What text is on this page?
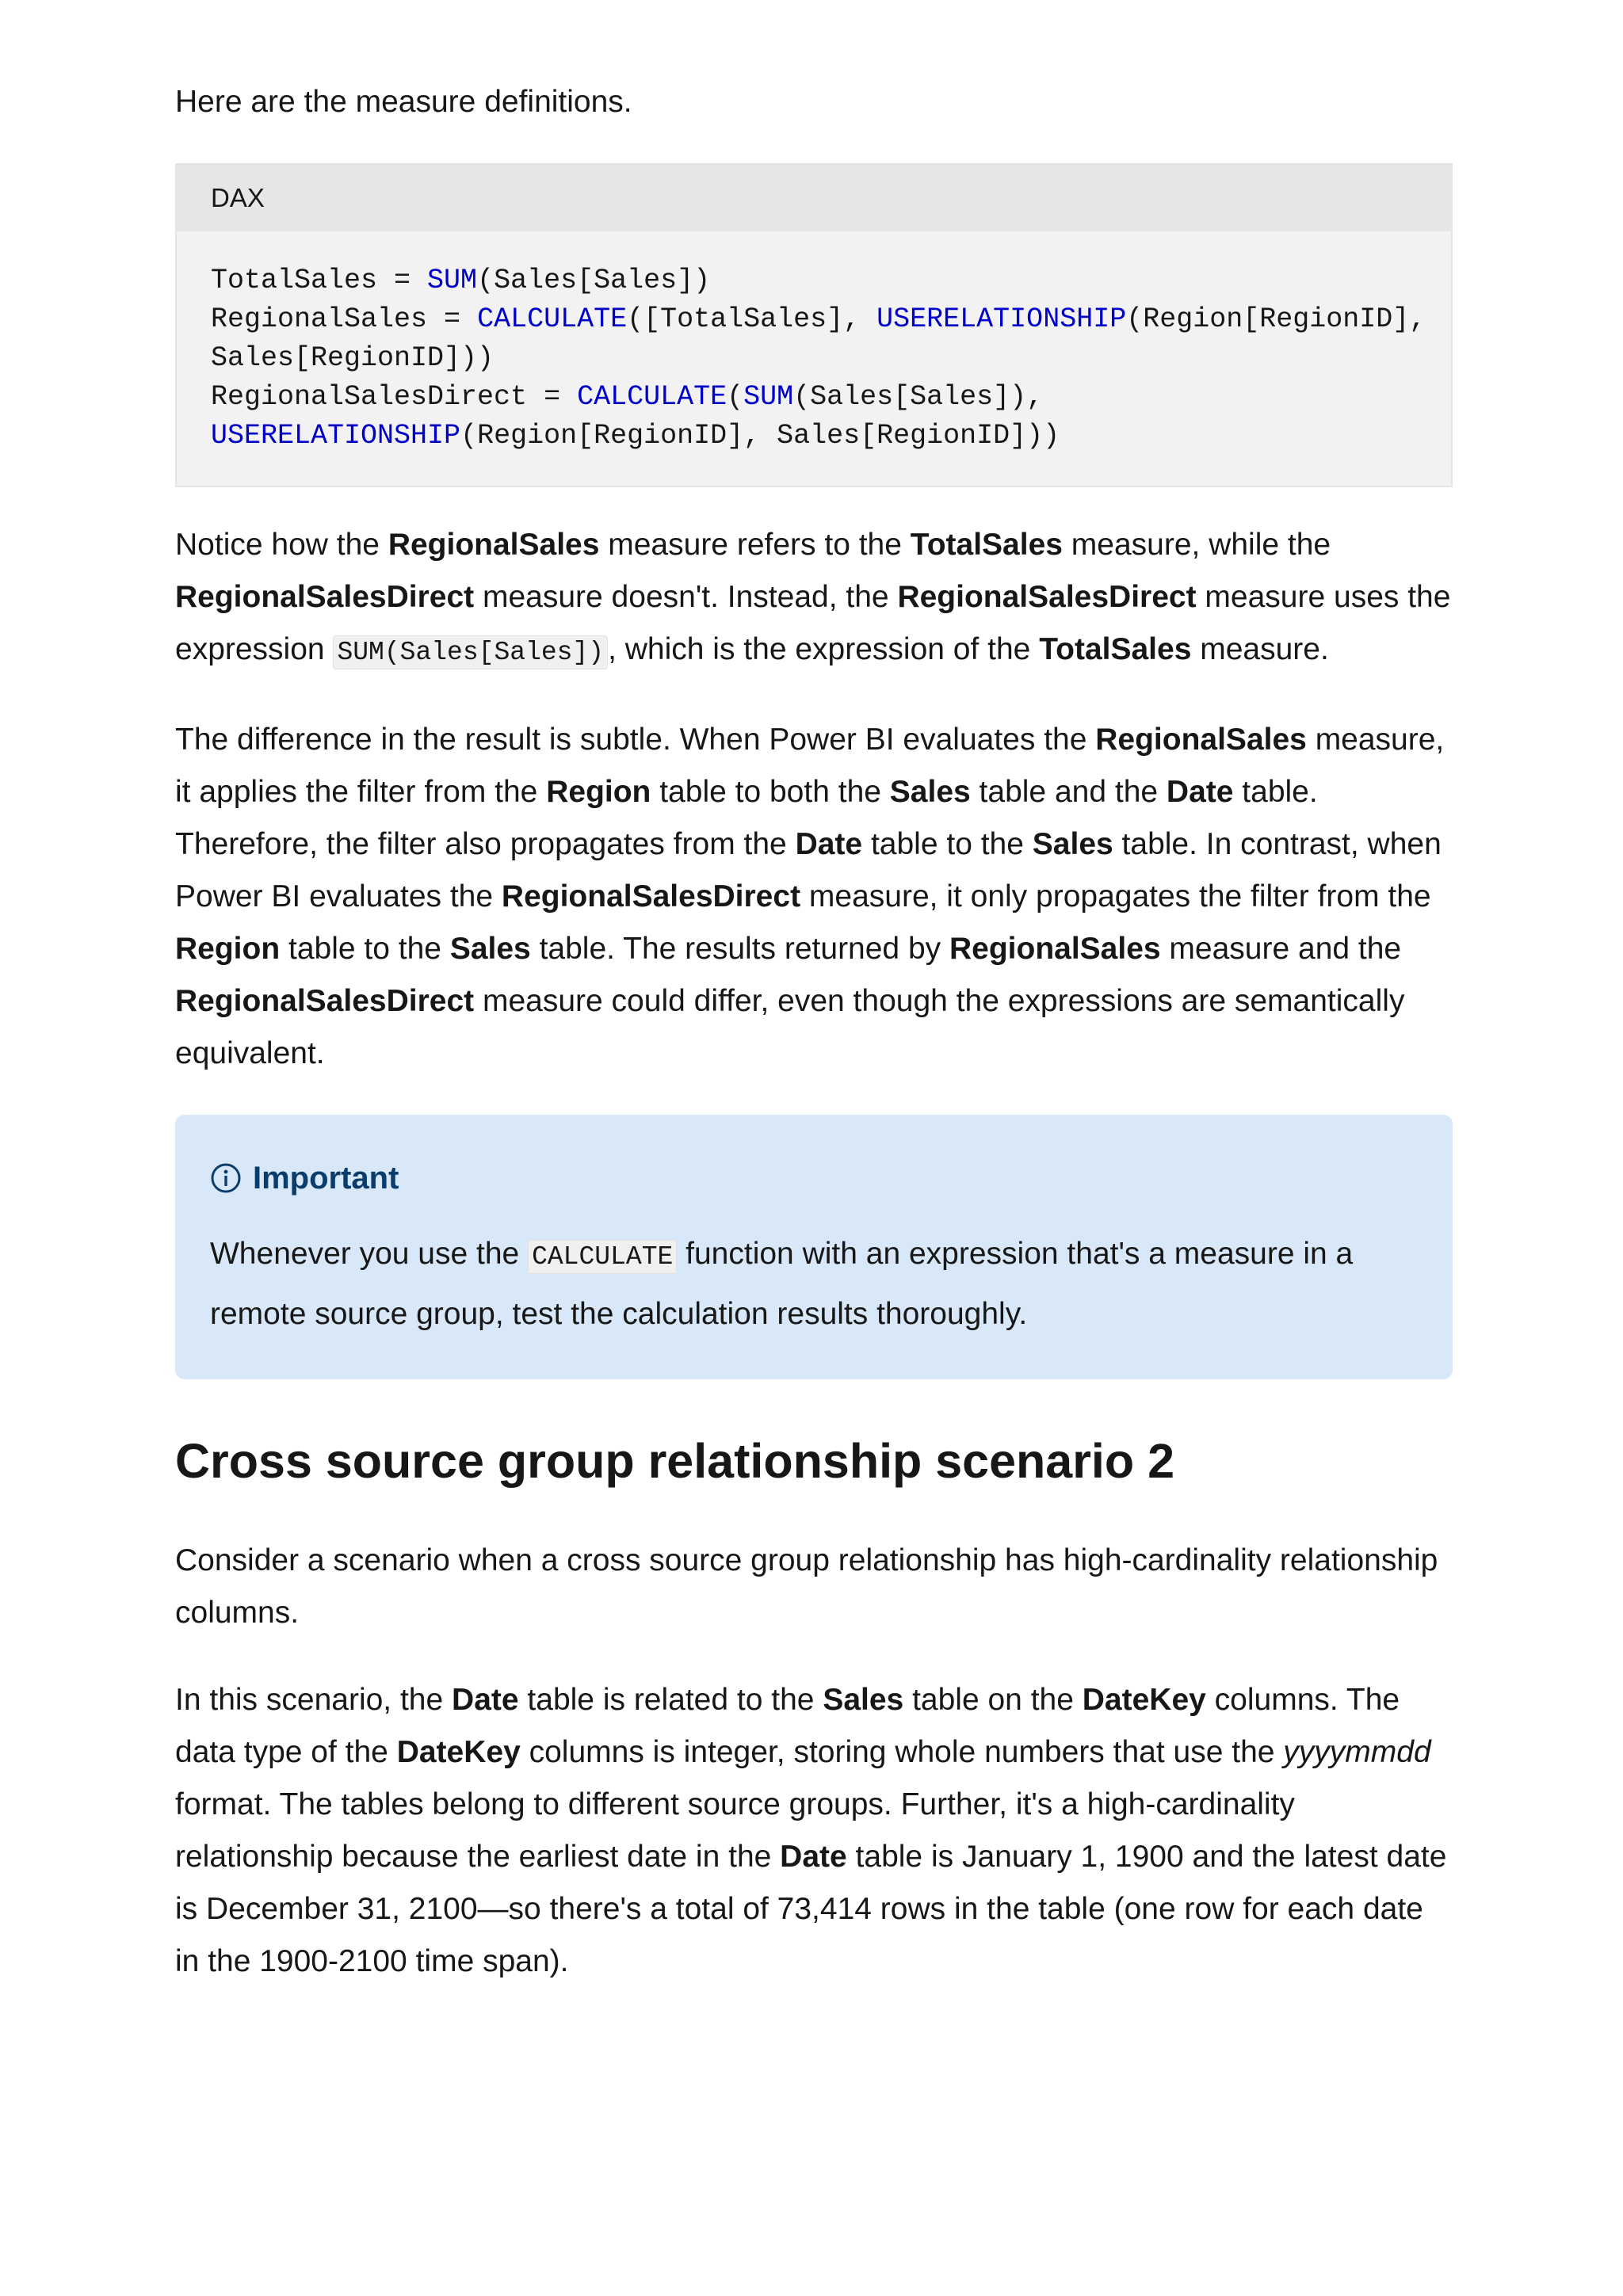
Here are the measure definitions.

DAX
TotalSales = SUM(Sales[Sales])
RegionalSales = CALCULATE([TotalSales], USERELATIONSHIP(Region[RegionID],
Sales[RegionID]))
RegionalSalesDirect = CALCULATE(SUM(Sales[Sales]),
USERELATIONSHIP(Region[RegionID], Sales[RegionID]))

Notice how the RegionalSales measure refers to the TotalSales measure, while the RegionalSalesDirect measure doesn't. Instead, the RegionalSalesDirect measure uses the expression SUM(Sales[Sales]) , which is the expression of the TotalSales measure.

The difference in the result is subtle. When Power BI evaluates the RegionalSales measure, it applies the filter from the Region table to both the Sales table and the Date table. Therefore, the filter also propagates from the Date table to the Sales table. In contrast, when Power BI evaluates the RegionalSalesDirect measure, it only propagates the filter from the Region table to the Sales table. The results returned by RegionalSales measure and the RegionalSalesDirect measure could differ, even though the expressions are semantically equivalent.

Important

Whenever you use the CALCULATE function with an expression that's a measure in a remote source group, test the calculation results thoroughly.

Cross source group relationship scenario 2

Consider a scenario when a cross source group relationship has high-cardinality relationship columns.

In this scenario, the Date table is related to the Sales table on the DateKey columns. The data type of the DateKey columns is integer, storing whole numbers that use the yyyymmdd format. The tables belong to different source groups. Further, it's a high-cardinality relationship because the earliest date in the Date table is January 1, 1900 and the latest date is December 31, 2100—so there's a total of 73,414 rows in the table (one row for each date in the 1900-2100 time span).
